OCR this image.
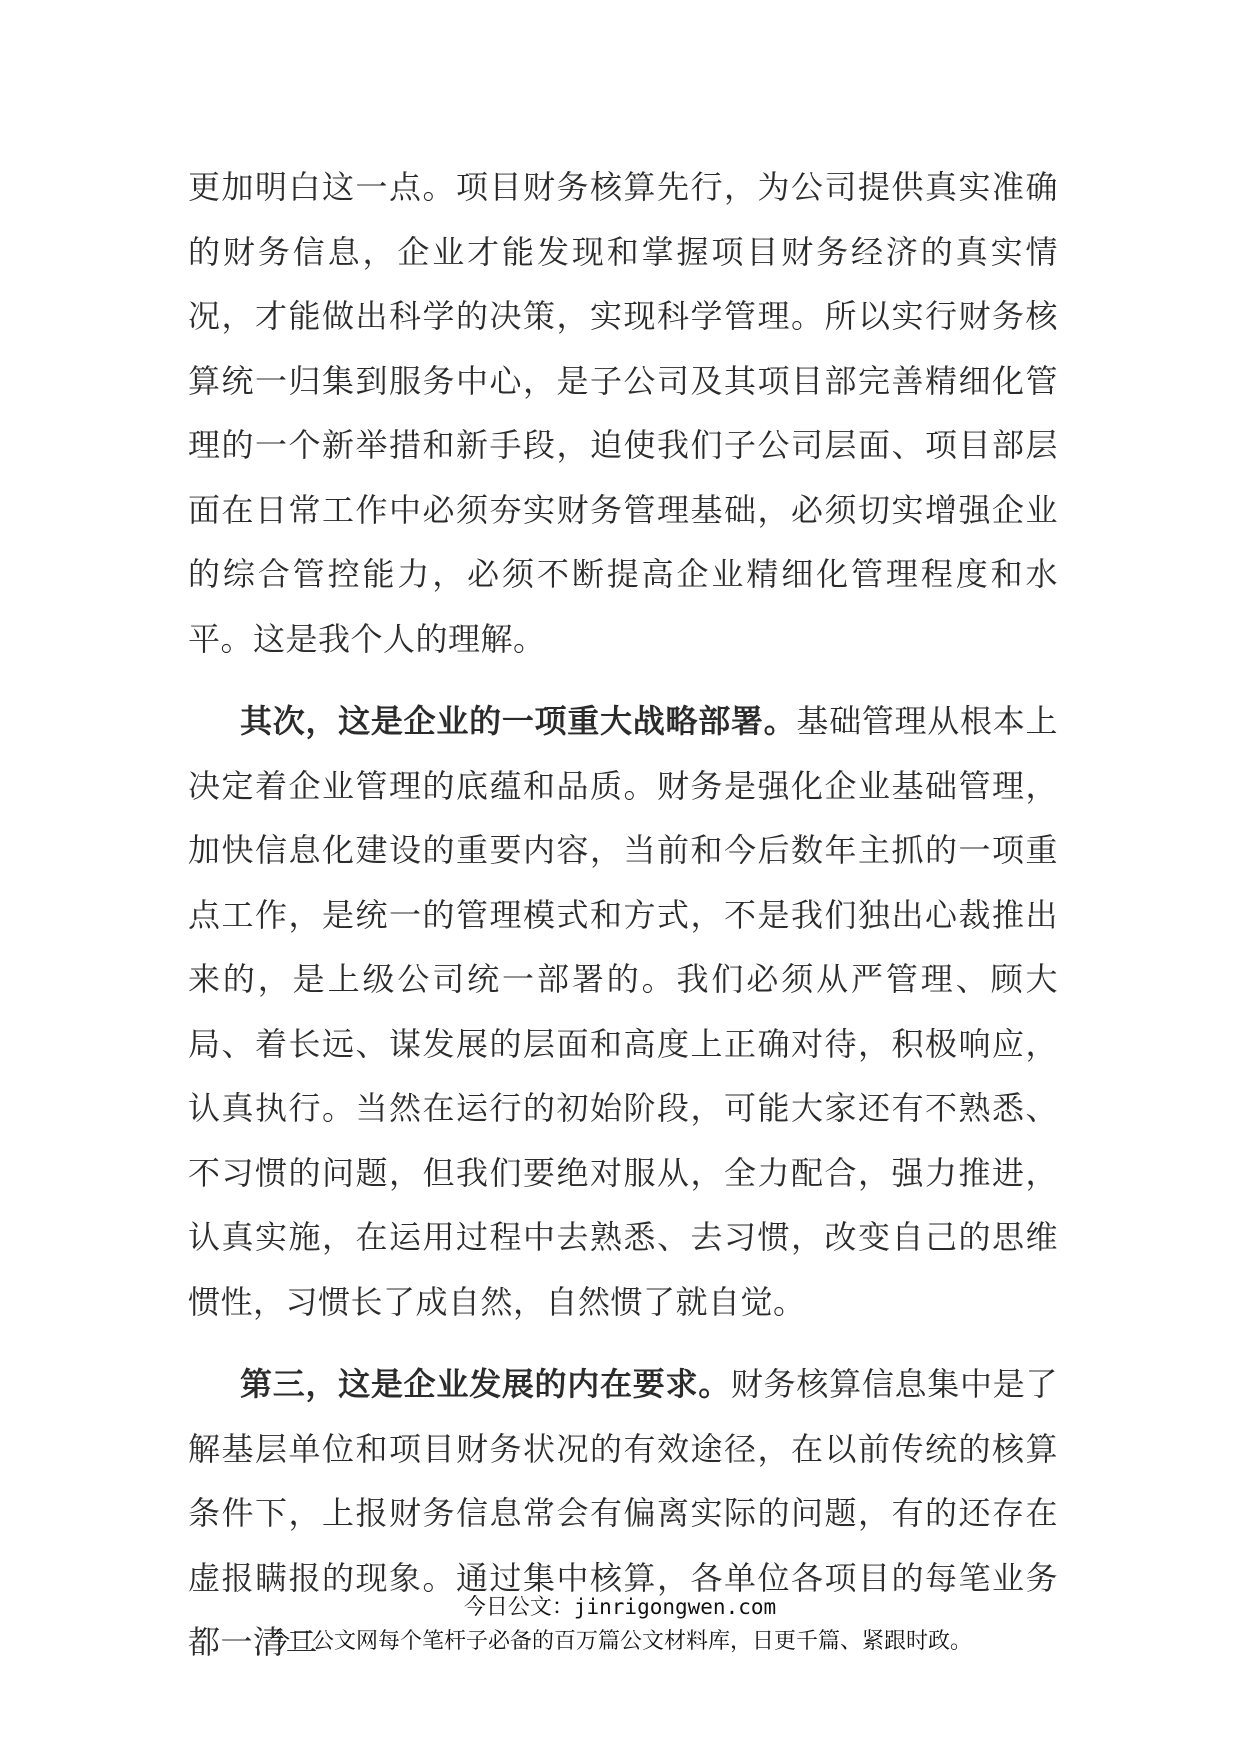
更加明白这一点。项目财务核算先行，为公司提供真实准确的财务信息，企业才能发现和掌握项目财务经济的真实情况，才能做出科学的决策，实现科学管理。所以实行财务核算统一归集到服务中心，是子公司及其项目部完善精细化管理的一个新举措和新手段，迫使我们子公司层面、项目部层面在日常工作中必须夯实财务管理基础，必须切实增强企业的综合管控能力，必须不断提高企业精细化管理程度和水平。这是我个人的理解。

其次，这是企业的一项重大战略部署。基础管理从根本上决定着企业管理的底蕴和品质。财务是强化企业基础管理，加快信息化建设的重要内容，当前和今后数年主抓的一项重点工作，是统一的管理模式和方式，不是我们独出心裁推出来的，是上级公司统一部署的。我们必须从严管理、顾大局、着长远、谋发展的层面和高度上正确对待，积极响应，认真执行。当然在运行的初始阶段，可能大家还有不熟悉、不习惯的问题，但我们要绝对服从，全力配合，强力推进，认真实施，在运用过程中去熟悉、去习惯，改变自己的思维惯性，习惯长了成自然，自然惯了就自觉。

第三，这是企业发展的内在要求。财务核算信息集中是了解基层单位和项目财务状况的有效途径，在以前传统的核算条件下，上报财务信息常会有偏离实际的问题，有的还存在虚报瞒报的现象。通过集中核算，各单位各项目的每笔业务都一清二

今日公文：jinrigongwen.com
今日公文网每个笔杆子必备的百万篇公文材料库，日更千篇、紧跟时政。
